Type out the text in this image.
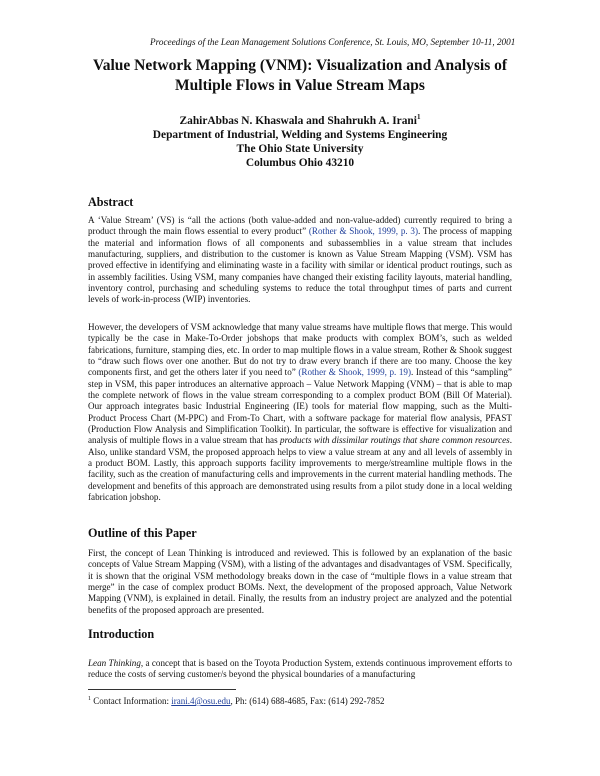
Proceedings of the Lean Management Solutions Conference, St. Louis, MO, September 10-11, 2001
Value Network Mapping (VNM): Visualization and Analysis of
Multiple Flows in Value Stream Maps
ZahirAbbas N. Khaswala and Shahrukh A. Irani$^1$
Department of Industrial, Welding and Systems Engineering
The Ohio State University
Columbus Ohio 43210
Abstract

A ‘Value Stream’ (VS) is “all the actions (both value-added and non-value-added) currently required to bring a product through the main flows essential to every product” (Rother & Shook, 1999, p. 3). The process of mapping the material and information flows of all components and subassemblies in a value stream that includes manufacturing, suppliers, and distribution to the customer is known as Value Stream Mapping (VSM). VSM has proved effective in identifying and eliminating waste in a facility with similar or identical product routings, such as in assembly facilities. Using VSM, many companies have changed their existing facility layouts, material handling, inventory control, purchasing and scheduling systems to reduce the total throughput times of parts and current levels of work-in-process (WIP) inventories.

However, the developers of VSM acknowledge that many value streams have multiple flows that merge. This would typically be the case in Make-To-Order jobshops that make products with complex BOM’s, such as welded fabrications, furniture, stamping dies, etc. In order to map multiple flows in a value stream, Rother & Shook suggest to “draw such flows over one another. But do not try to draw every branch if there are too many. Choose the key components first, and get the others later if you need to” (Rother & Shook, 1999, p. 19). Instead of this “sampling” step in VSM, this paper introduces an alternative approach – Value Network Mapping (VNM) – that is able to map the complete network of flows in the value stream corresponding to a complex product BOM (Bill Of Material). Our approach integrates basic Industrial Engineering (IE) tools for material flow mapping, such as the Multi-Product Process Chart (M-PPC) and From-To Chart, with a software package for material flow analysis, PFAST (Production Flow Analysis and Simplification Toolkit). In particular, the software is effective for visualization and analysis of multiple flows in a value stream that has products with dissimilar routings that share common resources. Also, unlike standard VSM, the proposed approach helps to view a value stream at any and all levels of assembly in a product BOM. Lastly, this approach supports facility improvements to merge/streamline multiple flows in the facility, such as the creation of manufacturing cells and improvements in the current material handling methods. The development and benefits of this approach are demonstrated using results from a pilot study done in a local welding fabrication jobshop.

Outline of this Paper

First, the concept of Lean Thinking is introduced and reviewed. This is followed by an explanation of the basic concepts of Value Stream Mapping (VSM), with a listing of the advantages and disadvantages of VSM. Specifically, it is shown that the original VSM methodology breaks down in the case of “multiple flows in a value stream that merge” in the case of complex product BOMs. Next, the development of the proposed approach, Value Network Mapping (VNM), is explained in detail. Finally, the results from an industry project are analyzed and the potential benefits of the proposed approach are presented.

Introduction

Lean Thinking, a concept that is based on the Toyota Production System, extends continuous improvement efforts to reduce the costs of serving customer/s beyond the physical boundaries of a manufacturing

$^1$ Contact Information: irani.4@osu.edu, Ph: (614) 688-4685, Fax: (614) 292-7852
